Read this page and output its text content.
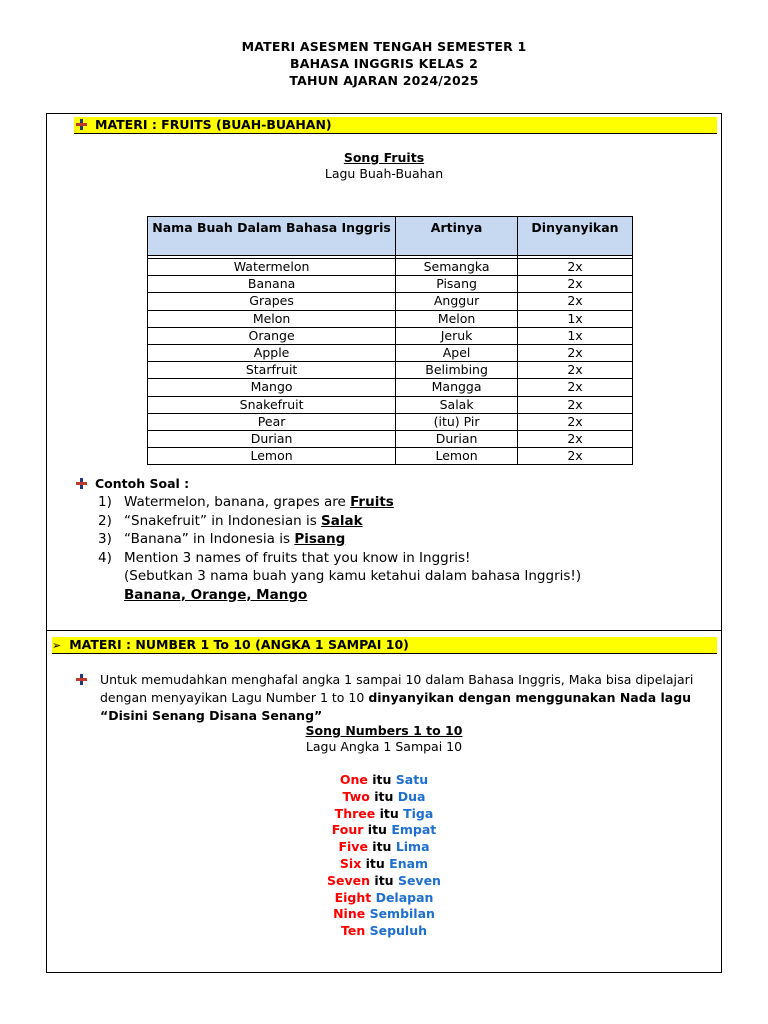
MATERI ASESMEN TENGAH SEMESTER 1
BAHASA INGGRIS KELAS 2
TAHUN AJARAN 2024/2025
MATERI : FRUITS (BUAH-BUAHAN)
Song Fruits
Lagu Buah-Buahan
Nama Buah Dalam Bahasa Inggris	Artinya	Dinyanyikan

Watermelon	Semangka	2x
Banana	Pisang	2x
Grapes	Anggur	2x
Melon	Melon	1x
Orange	Jeruk	1x
Apple	Apel	2x
Starfruit	Belimbing	2x
Mango	Mangga	2x
Snakefruit	Salak	2x
Pear	(itu) Pir	2x
Durian	Durian	2x
Lemon	Lemon	2x
Contoh Soal :
1) Watermelon, banana, grapes are Fruits
2) “Snakefruit” in Indonesian is Salak
3) “Banana” in Indonesia is Pisang
4) Mention 3 names of fruits that you know in Inggris!
(Sebutkan 3 nama buah yang kamu ketahui dalam bahasa Inggris!)
Banana, Orange, Mango
➢ MATERI : NUMBER 1 To 10 (ANGKA 1 SAMPAI 10)
Untuk memudahkan menghafal angka 1 sampai 10 dalam Bahasa Inggris, Maka bisa dipelajari dengan menyayikan Lagu Number 1 to 10 dinyanyikan dengan menggunakan Nada lagu “Disini Senang Disana Senang”
Song Numbers 1 to 10
Lagu Angka 1 Sampai 10
One itu Satu
Two itu Dua
Three itu Tiga
Four itu Empat
Five itu Lima
Six itu Enam
Seven itu Seven
Eight Delapan
Nine Sembilan
Ten Sepuluh
